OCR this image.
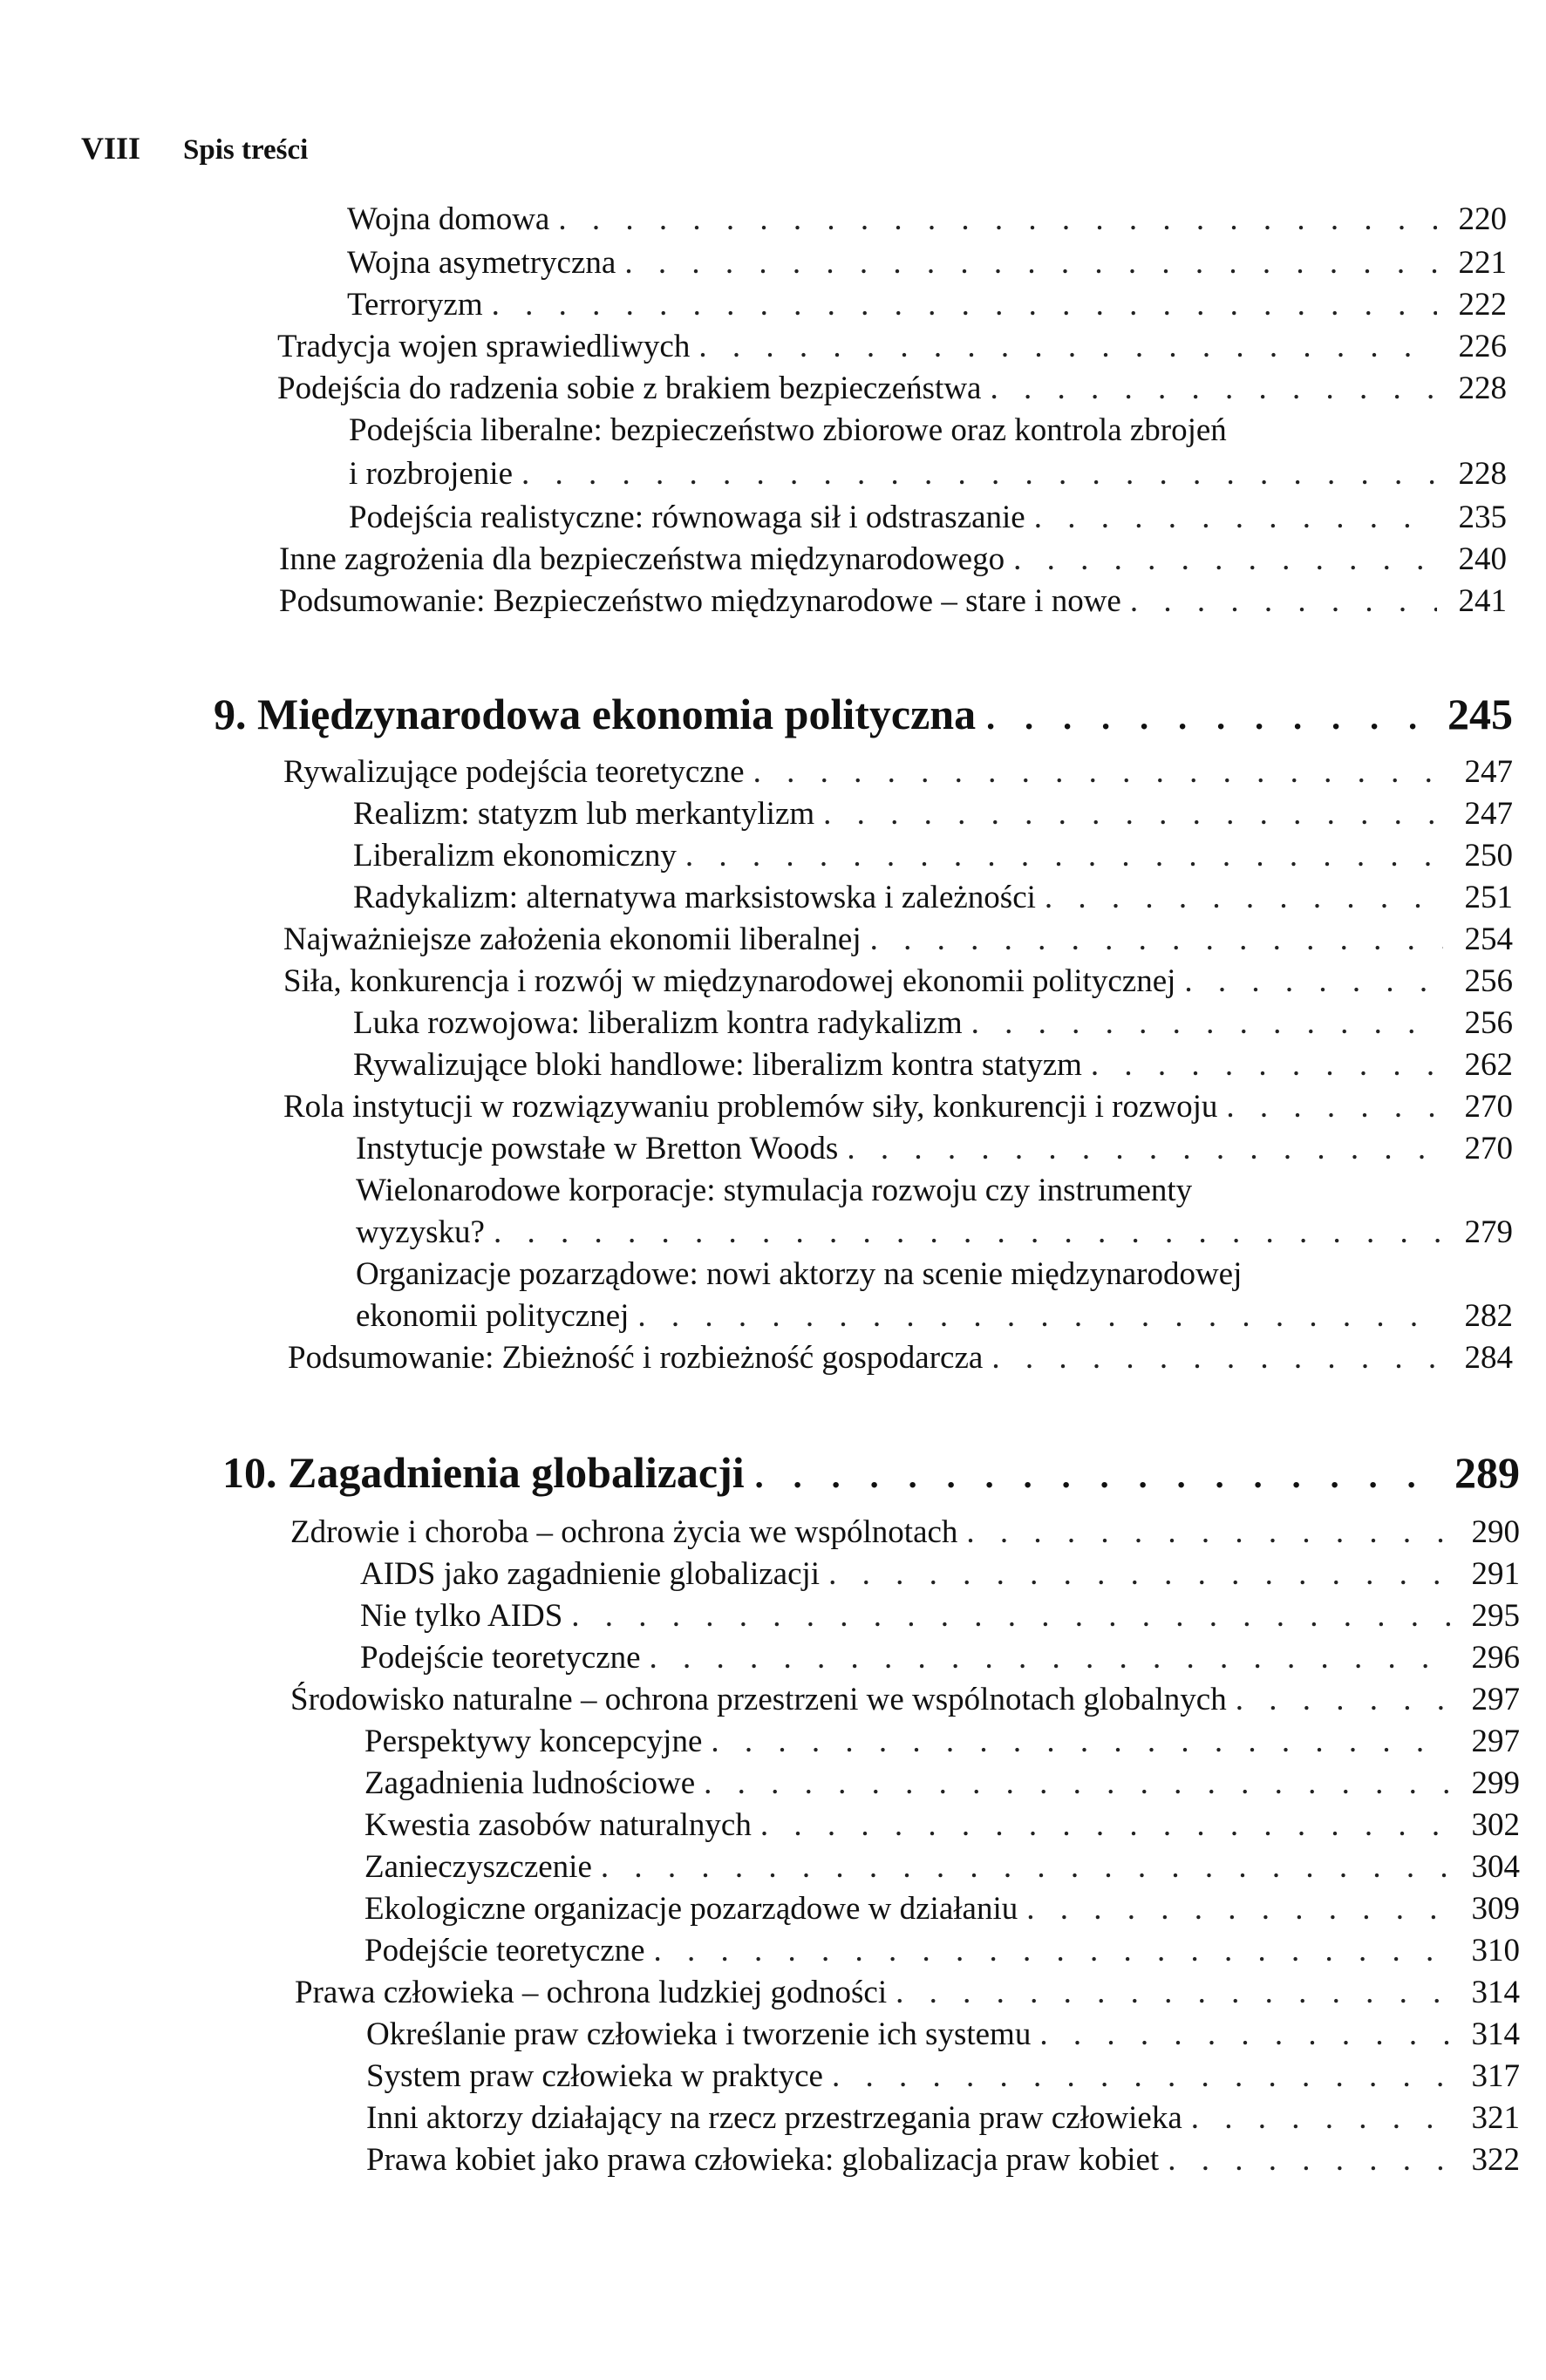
VIII Spis treści
Wojna domowa . . .	220
Wojna asymetryczna . . .	221
Terroryzm . . .	222
Tradycja wojen sprawiedliwych . . .	226
Podejścia do radzenia sobie z brakiem bezpieczeństwa . . .	228
Podejścia liberalne: bezpieczeństwo zbiorowe oraz kontrola zbrojeń
i rozbrojenie . . .	228
Podejścia realistyczne: równowaga sił i odstraszanie . . .	235
Inne zagrożenia dla bezpieczeństwa międzynarodowego . . .	240
Podsumowanie: Bezpieczeństwo międzynarodowe – stare i nowe . . .	241
9. Międzynarodowa ekonomia polityczna . . .	245
Rywalizujące podejścia teoretyczne . . .	247
Realizm: statyzm lub merkantylizm . . .	247
Liberalizm ekonomiczny . . .	250
Radykalizm: alternatywa marksistowska i zależności . . .	251
Najważniejsze założenia ekonomii liberalnej . . .	254
Siła, konkurencja i rozwój w międzynarodowej ekonomii politycznej . . .	256
Luka rozwojowa: liberalizm kontra radykalizm . . .	256
Rywalizujące bloki handlowe: liberalizm kontra statyzm . . .	262
Rola instytucji w rozwiązywaniu problemów siły, konkurencji i rozwoju . . .	270
Instytucje powstałe w Bretton Woods . . .	270
Wielonarodowe korporacje: stymulacja rozwoju czy instrumenty
wyzysku? . . .	279
Organizacje pozarządowe: nowi aktorzy na scenie międzynarodowej
ekonomii politycznej . . .	282
Podsumowanie: Zbieżność i rozbieżność gospodarcza . . .	284
10. Zagadnienia globalizacji . . .	289
Zdrowie i choroba – ochrona życia we wspólnotach . . .	290
AIDS jako zagadnienie globalizacji . . .	291
Nie tylko AIDS . . .	295
Podejście teoretyczne . . .	296
Środowisko naturalne – ochrona przestrzeni we wspólnotach globalnych . . .	297
Perspektywy koncepcyjne . . .	297
Zagadnienia ludnościowe . . .	299
Kwestia zasobów naturalnych . . .	302
Zanieczyszczenie . . .	304
Ekologiczne organizacje pozarządowe w działaniu . . .	309
Podejście teoretyczne . . .	310
Prawa człowieka – ochrona ludzkiej godności . . .	314
Określanie praw człowieka i tworzenie ich systemu . . .	314
System praw człowieka w praktyce . . .	317
Inni aktorzy działający na rzecz przestrzegania praw człowieka . . .	321
Prawa kobiet jako prawa człowieka: globalizacja praw kobiet . . .	322
